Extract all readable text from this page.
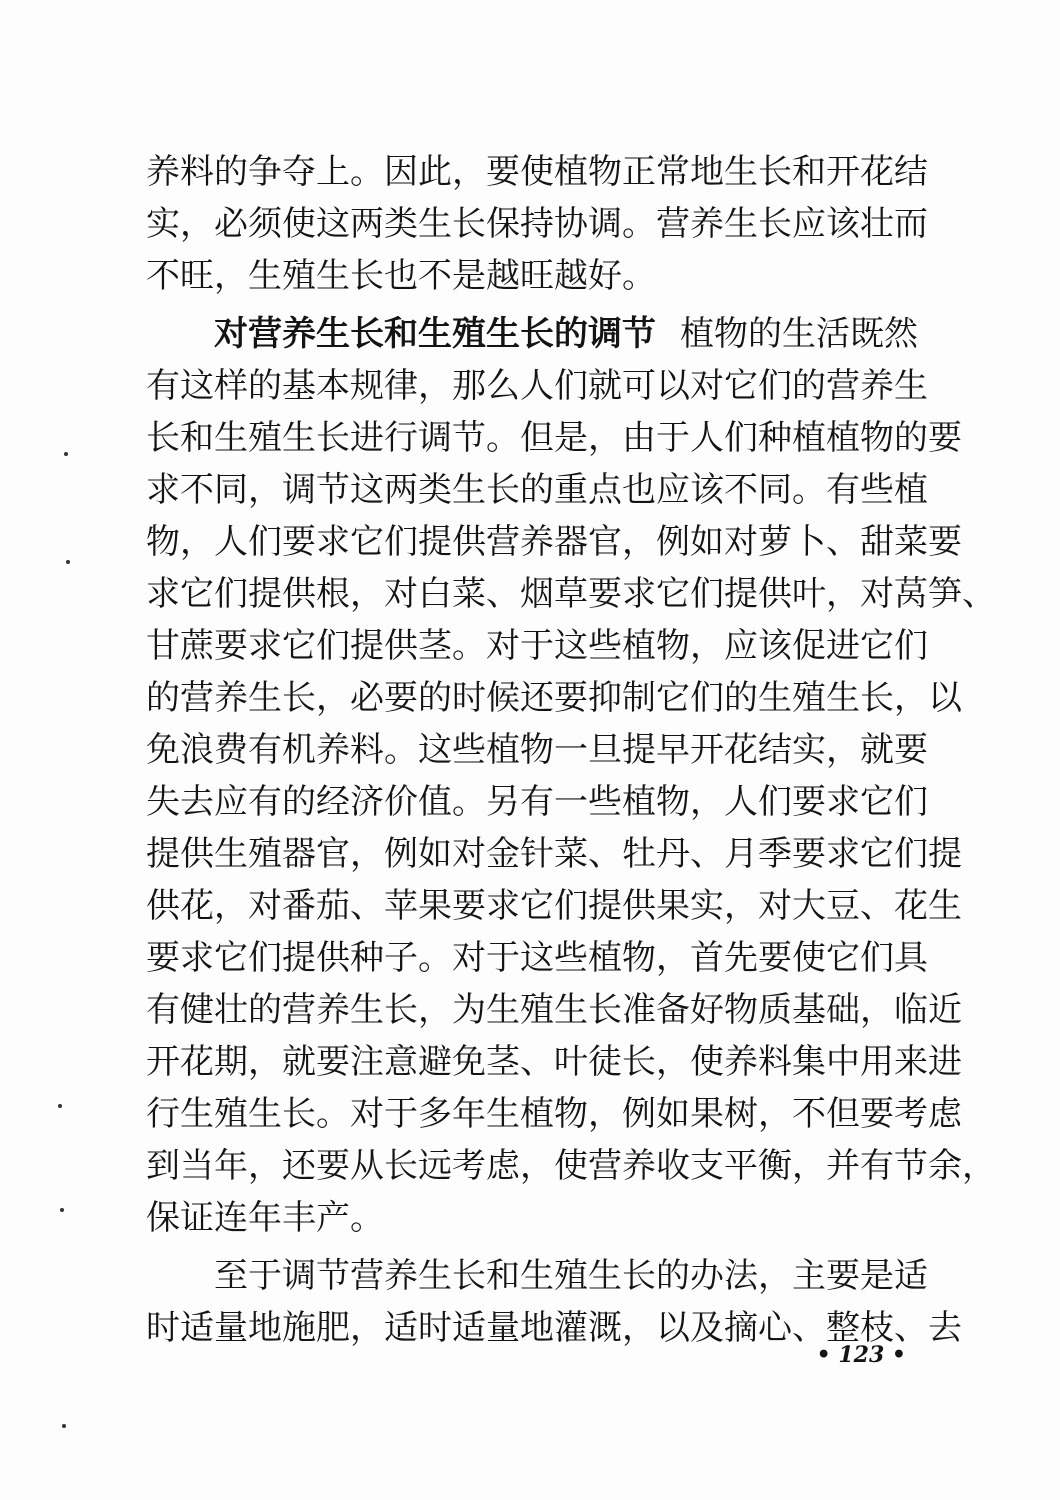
养料的争夺上。因此，要使植物正常地生长和开花结
实，必须使这两类生长保持协调。营养生长应该壮而
不旺，生殖生长也不是越旺越好。
对营养生长和生殖生长的调节 植物的生活既然
有这样的基本规律，那么人们就可以对它们的营养生
长和生殖生长进行调节。但是，由于人们种植植物的要
求不同，调节这两类生长的重点也应该不同。有些植
物，人们要求它们提供营养器官，例如对萝卜、甜菜要
求它们提供根，对白菜、烟草要求它们提供叶，对莴笋、
甘蔗要求它们提供茎。对于这些植物，应该促进它们
的营养生长，必要的时候还要抑制它们的生殖生长，以
免浪费有机养料。这些植物一旦提早开花结实，就要
失去应有的经济价值。另有一些植物，人们要求它们
提供生殖器官，例如对金针菜、牡丹、月季要求它们提
供花，对番茄、苹果要求它们提供果实，对大豆、花生
要求它们提供种子。对于这些植物，首先要使它们具
有健壮的营养生长，为生殖生长准备好物质基础，临近
开花期，就要注意避免茎、叶徒长，使养料集中用来进
行生殖生长。对于多年生植物，例如果树，不但要考虑
到当年，还要从长远考虑，使营养收支平衡，并有节余，
保证连年丰产。
至于调节营养生长和生殖生长的办法，主要是适
时适量地施肥，适时适量地灌溉，以及摘心、整枝、去
• 123 •
